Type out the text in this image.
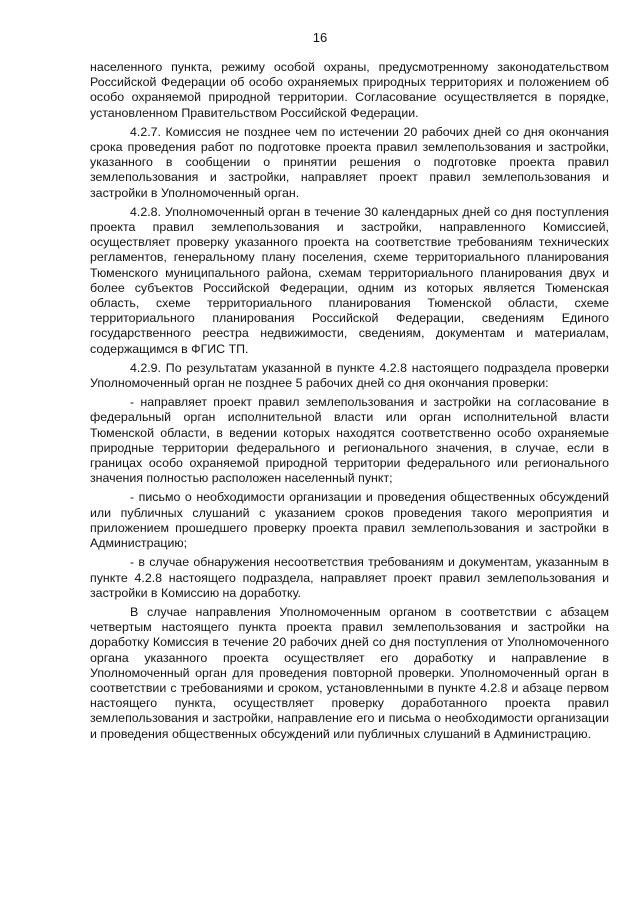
16

населенного пункта, режиму особой охраны, предусмотренному законодательством Российской Федерации об особо охраняемых природных территориях и положением об особо охраняемой природной территории. Согласование осуществляется в порядке, установленном Правительством Российской Федерации.

4.2.7. Комиссия не позднее чем по истечении 20 рабочих дней со дня окончания срока проведения работ по подготовке проекта правил землепользования и застройки, указанного в сообщении о принятии решения о подготовке проекта правил землепользования и застройки, направляет проект правил землепользования и застройки в Уполномоченный орган.

4.2.8. Уполномоченный орган в течение 30 календарных дней со дня поступления проекта правил землепользования и застройки, направленного Комиссией, осуществляет проверку указанного проекта на соответствие требованиям технических регламентов, генеральному плану поселения, схеме территориального планирования Тюменского муниципального района, схемам территориального планирования двух и более субъектов Российской Федерации, одним из которых является Тюменская область, схеме территориального планирования Тюменской области, схеме территориального планирования Российской Федерации, сведениям Единого государственного реестра недвижимости, сведениям, документам и материалам, содержащимся в ФГИС ТП.

4.2.9. По результатам указанной в пункте 4.2.8 настоящего подраздела проверки Уполномоченный орган не позднее 5 рабочих дней со дня окончания проверки:

- направляет проект правил землепользования и застройки на согласование в федеральный орган исполнительной власти или орган исполнительной власти Тюменской области, в ведении которых находятся соответственно особо охраняемые природные территории федерального и регионального значения, в случае, если в границах особо охраняемой природной территории федерального или регионального значения полностью расположен населенный пункт;

- письмо о необходимости организации и проведения общественных обсуждений или публичных слушаний с указанием сроков проведения такого мероприятия и приложением прошедшего проверку проекта правил землепользования и застройки в Администрацию;

- в случае обнаружения несоответствия требованиям и документам, указанным в пункте 4.2.8 настоящего подраздела, направляет проект правил землепользования и застройки в Комиссию на доработку.

В случае направления Уполномоченным органом в соответствии с абзацем четвертым настоящего пункта проекта правил землепользования и застройки на доработку Комиссия в течение 20 рабочих дней со дня поступления от Уполномоченного органа указанного проекта осуществляет его доработку и направление в Уполномоченный орган для проведения повторной проверки. Уполномоченный орган в соответствии с требованиями и сроком, установленными в пункте 4.2.8 и абзаце первом настоящего пункта, осуществляет проверку доработанного проекта правил землепользования и застройки, направление его и письма о необходимости организации и проведения общественных обсуждений или публичных слушаний в Администрацию.
